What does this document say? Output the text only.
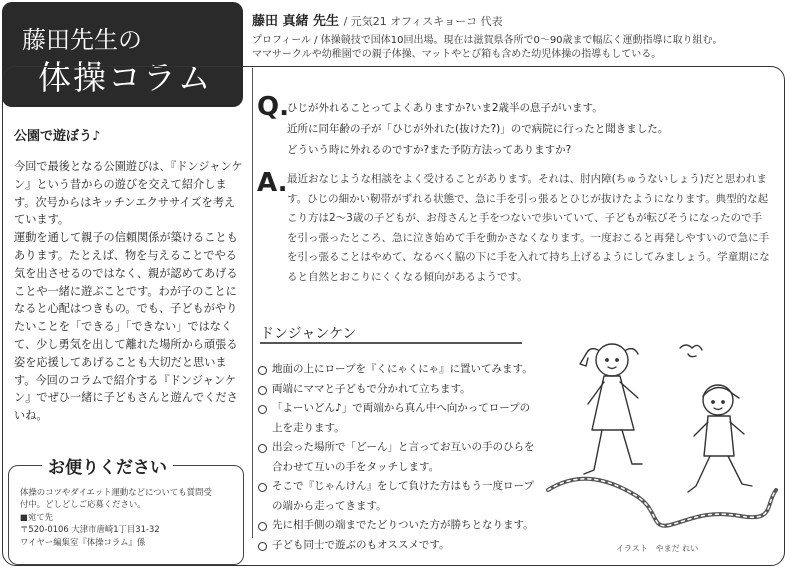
藤田先生の
体操コラム
藤田 真緒 先生 / 元気21 オフィスキョーコ 代表
プロフィール / 体操競技で国体10回出場。現在は滋賀県各所で0〜90歳まで幅広く運動指導に取り組む。
ママサークルや幼稚園での親子体操、マットやとび箱も含めた幼児体操の指導もしている。
公園で遊ぼう♪

今回で最後となる公園遊びは、『ドンジャンケン』という昔からの遊びを交えて紹介します。次号からはキッチンエクササイズを考えています。

運動を通して親子の信頼関係が築けることもあります。たとえば、物を与えることでやる気を出させるのではなく、親が認めてあげることや一緒に遊ぶことです。わが子のことになると心配はつきもの。でも、子どもがやりたいことを「できる」「できない」ではなくて、少し勇気を出して離れた場所から頑張る姿を応援してあげることも大切だと思います。今回のコラムで紹介する『ドンジャンケン』でぜひ一緒に子どもさんと遊んでくださいね。

お便りください

体操のコツやダイエット運動などについても質問受

付中。どしどしご応募ください。

■宛て先

〒520-0106 大津市唐崎1丁目31-32

ワイヤー編集室『体操コラム』係

Q.

ひじが外れることってよくありますか?いま2歳半の息子がいます。

近所に同年齢の子が「ひじが外れた(抜けた?)」ので病院に行ったと聞きました。

どういう時に外れるのですか?また予防方法ってありますか?

A. 最近おなじような相談をよく受けることがあります。それは、肘内障(ちゅうないしょう)だと思われます。ひじの細かい靭帯がずれる状態で、急に手を引っ張るとひじが抜けたようになります。典型的な起こり方は2〜3歳の子どもが、お母さんと手をつないで歩いていて、子どもが転びそうになったので手を引っ張ったところ、急に泣き始めて手を動かさなくなります。一度おこると再発しやすいので急に手を引っ張ることはやめて、なるべく脇の下に手を入れて持ち上げるようにしてみましょう。学童期になると自然とおこりにくくなる傾向があるようです。
ドンジャンケン
地面の上にロープを『くにゃくにゃ』に置いてみます。
両端にママと子どもで分かれて立ちます。
「よーいどん♪」で両端から真ん中へ向かってロープの上を走ります。
出会った場所で「どーん」と言ってお互いの手のひらを合わせて互いの手をタッチします。
そこで『じゃんけん』をして負けた方はもう一度ロープの端から走ってきます。
先に相手側の端までたどりついた方が勝ちとなります。
子ども同士で遊ぶのもオススメです。	イラスト　やまだ れい
